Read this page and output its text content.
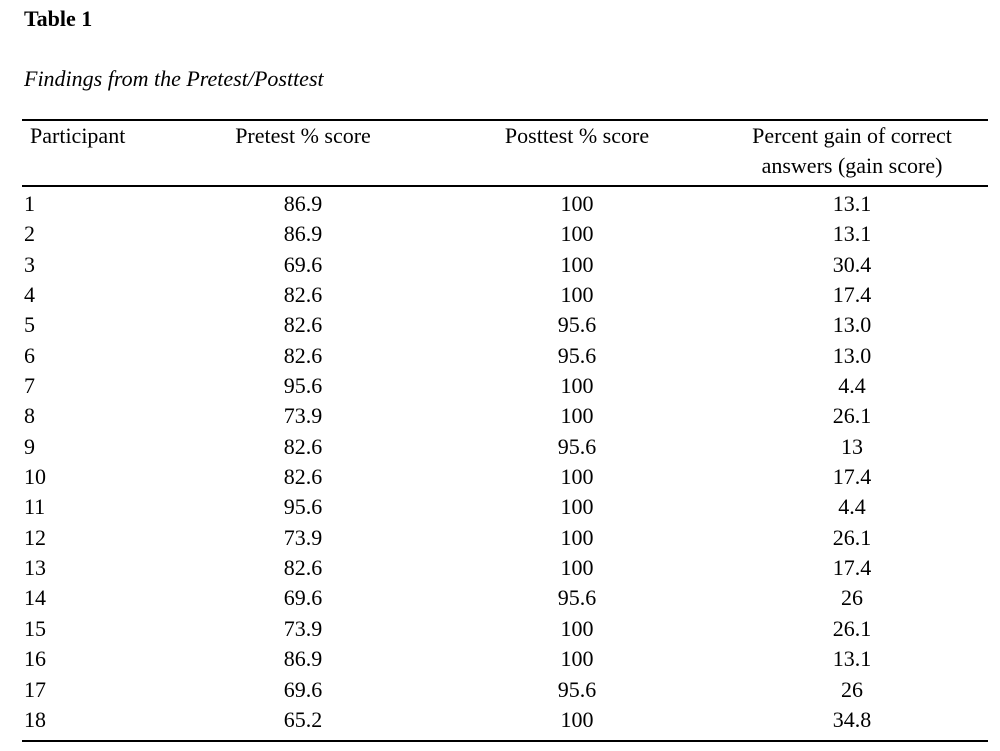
Table 1
Findings from the Pretest/Posttest
Participant	Pretest % score	Posttest % score	Percent gain of correct
answers (gain score)
1	86.9	100	13.1
2	86.9	100	13.1
3	69.6	100	30.4
4	82.6	100	17.4
5	82.6	95.6	13.0
6	82.6	95.6	13.0
7	95.6	100	4.4
8	73.9	100	26.1
9	82.6	95.6	13
10	82.6	100	17.4
11	95.6	100	4.4
12	73.9	100	26.1
13	82.6	100	17.4
14	69.6	95.6	26
15	73.9	100	26.1
16	86.9	100	13.1
17	69.6	95.6	26
18	65.2	100	34.8
